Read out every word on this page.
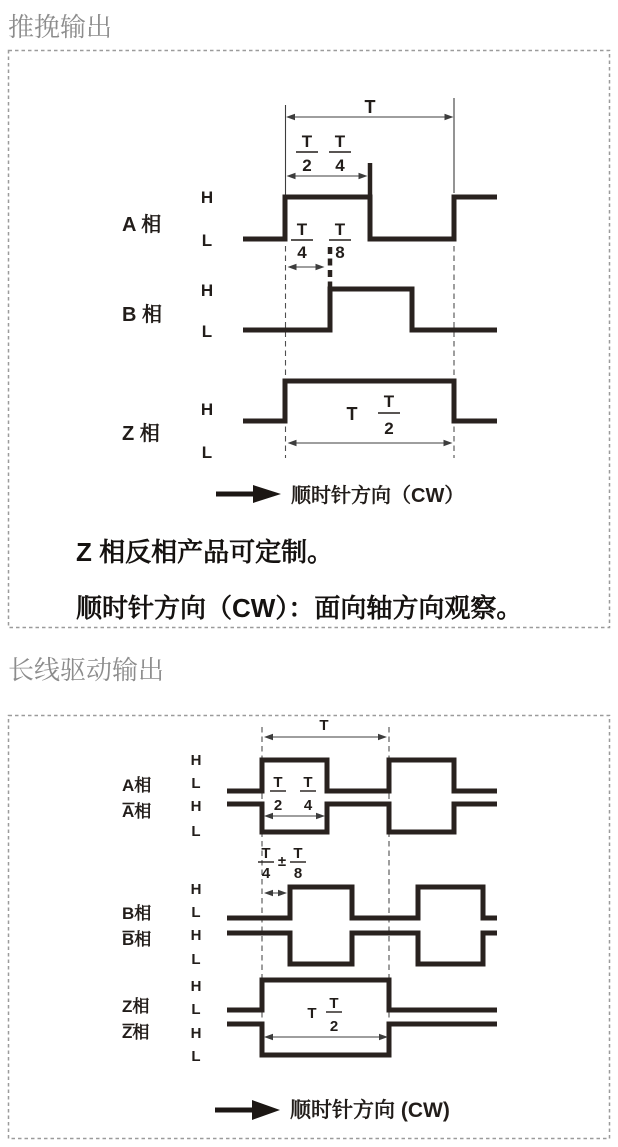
推挽输出
T
T
2
T
4
A 相
H
L
T
4
T
8
B 相
H
L
Z 相
H
L
T
T
2
顺时针方向（CW）
Z 相反相产品可定制。
顺时针方向（CW）：面向轴方向观察。
长线驱动输出
T
A相
A相
H
L
H
L
T
2
T
4
T
4
± T
8
B相
B相
H
L
H
L
Z相
Z相
H
L
H
L
T
T
2
顺时针方向 (CW)
